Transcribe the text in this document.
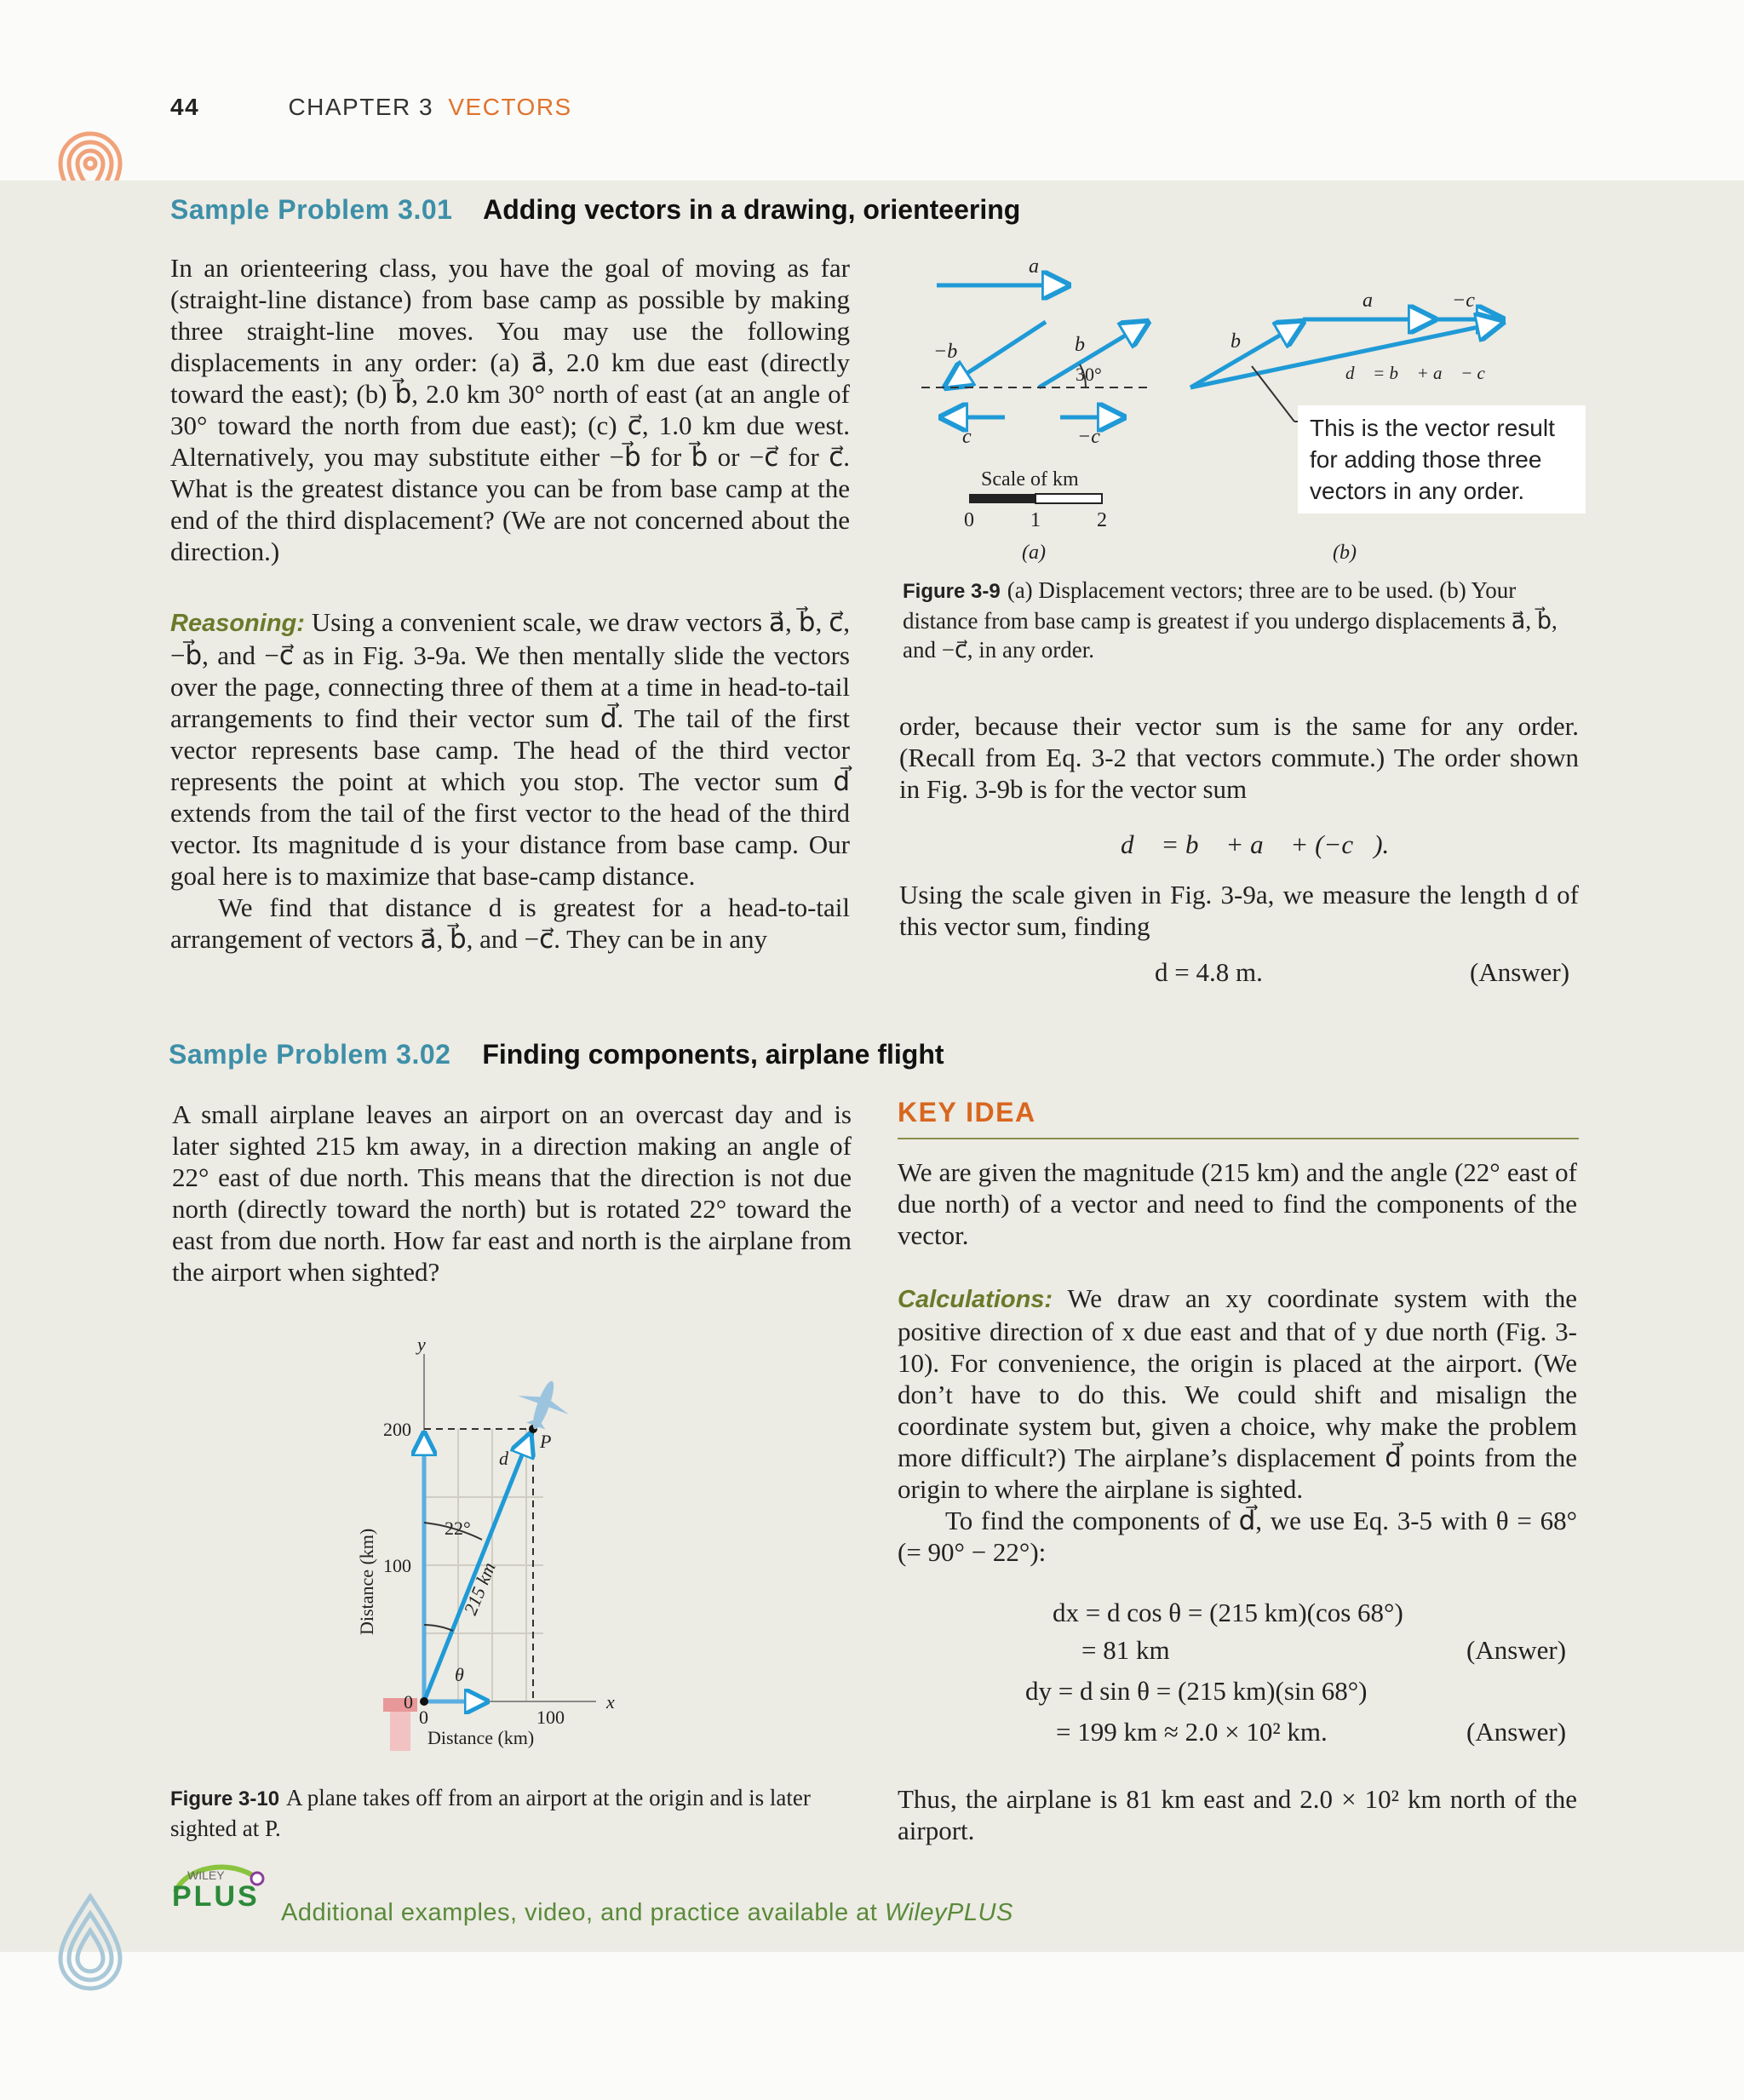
44	CHAPTER 3 VECTORS
Sample Problem 3.01 Adding vectors in a drawing, orienteering

In an orienteering class, you have the goal of moving as far (straight-line distance) from base camp as possible by making three straight-line moves. You may use the following displacements in any order: (a) a⃗, 2.0 km due east (directly toward the east); (b) b⃗, 2.0 km 30° north of east (at an angle of 30° toward the north from due east); (c) c⃗, 1.0 km due west. Alternatively, you may substitute either −b⃗ for b⃗ or −c⃗ for c⃗. What is the greatest distance you can be from base camp at the end of the third displacement? (We are not concerned about the direction.)

Reasoning: Using a convenient scale, we draw vectors a⃗, b⃗, c⃗, −b⃗, and −c⃗ as in Fig. 3-9a. We then mentally slide the vectors over the page, connecting three of them at a time in head-to-tail arrangements to find their vector sum d⃗. The tail of the first vector represents base camp. The head of the third vector represents the point at which you stop. The vector sum d⃗ extends from the tail of the first vector to the head of the third vector. Its magnitude d is your distance from base camp. Our goal here is to maximize that base-camp distance.

We find that distance d is greatest for a head-to-tail arrangement of vectors a⃗, b⃗, and −c⃗. They can be in any

a⃗
−b⃗	b⃗
c⃗	−c⃗
b⃗
a⃗	−c⃗
d⃗ = b⃗ + a⃗ − c⃗
30°
Scale of km
0	1	2
(a)	(b)
This is the vector result for adding those three vectors in any order.
Figure 3-9 (a) Displacement vectors; three are to be used. (b) Your distance from base camp is greatest if you undergo displacements a⃗, b⃗, and −c⃗, in any order.

order, because their vector sum is the same for any order. (Recall from Eq. 3-2 that vectors commute.) The order shown in Fig. 3-9b is for the vector sum

d⃗ = b⃗ + a⃗ + (−c⃗).

Using the scale given in Fig. 3-9a, we measure the length d of this vector sum, finding

d = 4.8 m.	(Answer)
Sample Problem 3.02 Finding components, airplane flight

A small airplane leaves an airport on an overcast day and is later sighted 215 km away, in a direction making an angle of 22° east of due north. This means that the direction is not due north (directly toward the north) but is rotated 22° toward the east from due north. How far east and north is the airplane from the airport when sighted?

y
x
200
100
0
0	100
Distance (km)
P
d⃗
22°
θ
215 km
Distance (km)
Figure 3-10 A plane takes off from an airport at the origin and is later sighted at P.
KEY IDEA

We are given the magnitude (215 km) and the angle (22° east of due north) of a vector and need to find the components of the vector.

Calculations: We draw an xy coordinate system with the positive direction of x due east and that of y due north (Fig. 3-10). For convenience, the origin is placed at the airport. (We don’t have to do this. We could shift and misalign the coordinate system but, given a choice, why make the problem more difficult?) The airplane’s displacement d⃗ points from the origin to where the airplane is sighted.

To find the components of d⃗, we use Eq. 3-5 with θ = 68° (= 90° − 22°):

dx = d cos θ = (215 km)(cos 68°)
= 81 km	(Answer)
dy = d sin θ = (215 km)(sin 68°)
= 199 km ≈ 2.0 × 10² km.	(Answer)

Thus, the airplane is 81 km east and 2.0 × 10² km north of the airport.

WILEY
PLUS Additional examples, video, and practice available at WileyPLUS
